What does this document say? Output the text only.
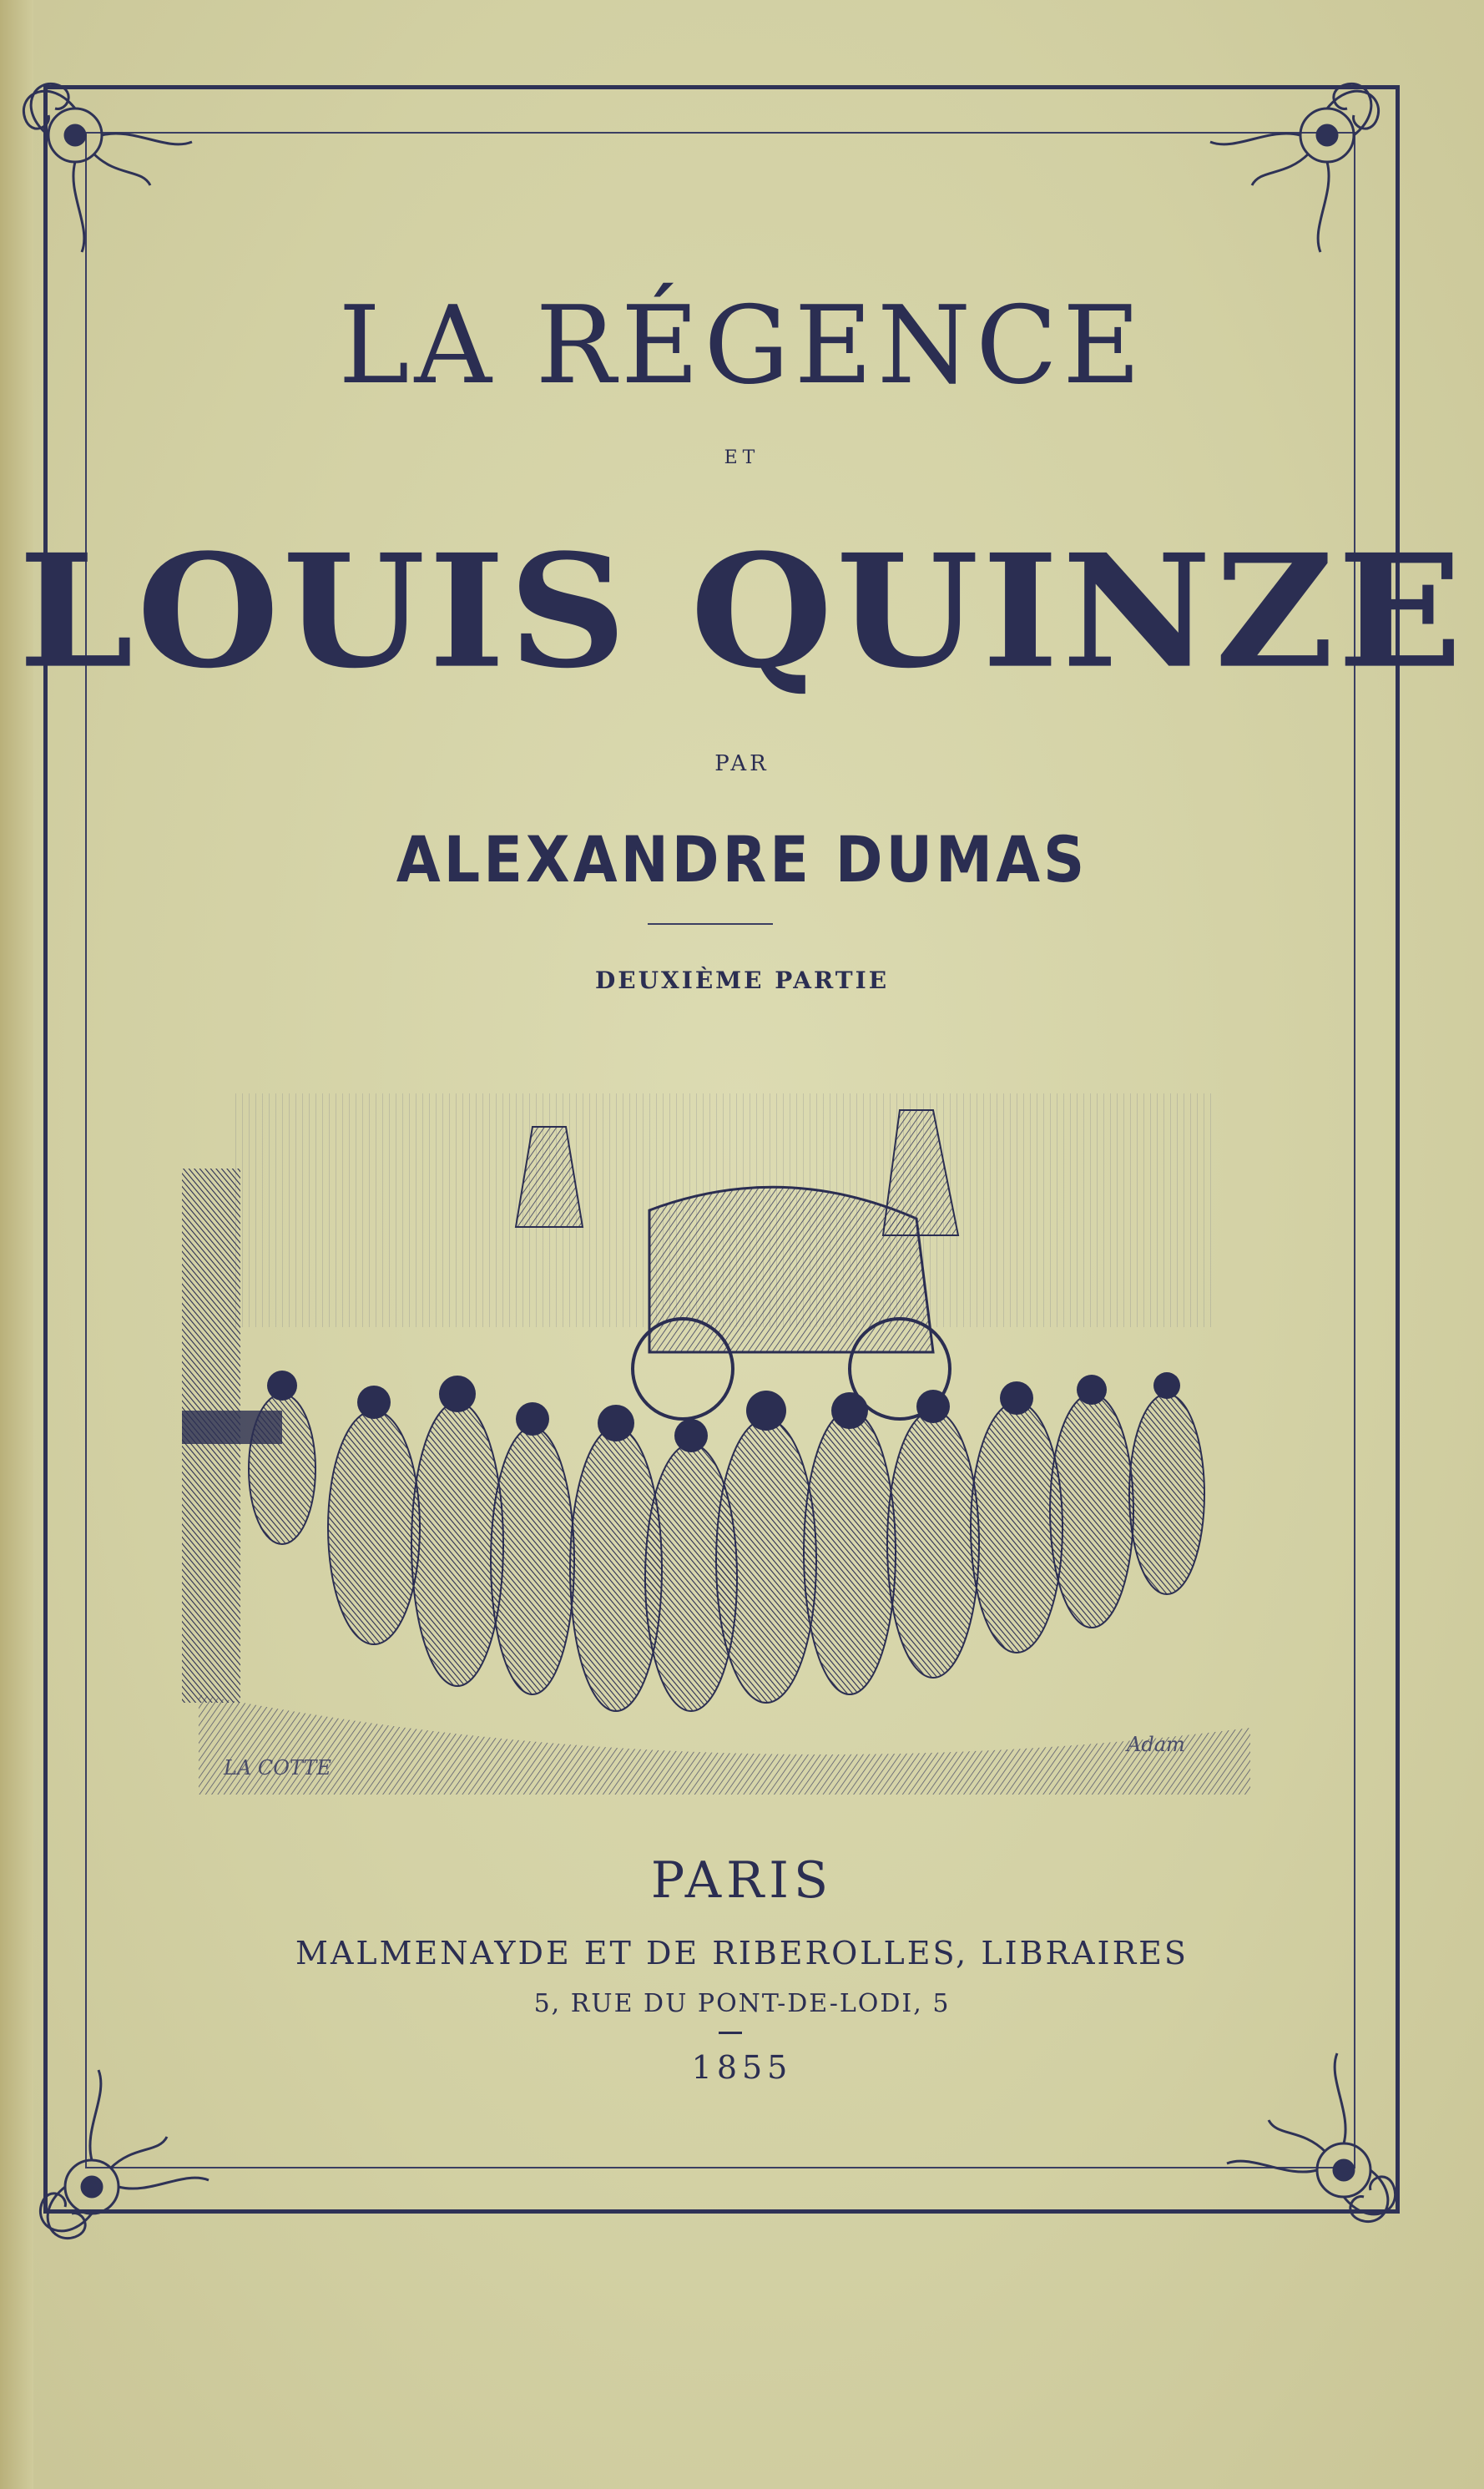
LA RÉGENCE
ET
LOUIS QUINZE
PAR
ALEXANDRE DUMAS
DEUXIÈME PARTIE
LA COTTE
Adam
PARIS
MALMENAYDE ET DE RIBEROLLES, LIBRAIRES
5, RUE DU PONT-DE-LODI, 5
1855
